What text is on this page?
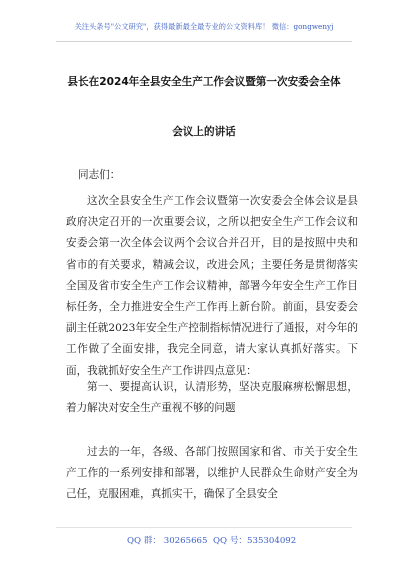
关注头条号"公文研究"，获得最新最全最专业的公文资料库！ 微信：gongwenyj
县长在2024年全县安全生产工作会议暨第一次安委会全体
会议上的讲话
同志们：
这次全县安全生产工作会议暨第一次安委会全体会议是县政府决定召开的一次重要会议，之所以把安全生产工作会议和安委会第一次全体会议两个会议合并召开，目的是按照中央和省市的有关要求，精减会议，改进会风；主要任务是贯彻落实全国及省市安全生产工作会议精神，部署今年安全生产工作目标任务，全力推进安全生产工作再上新台阶。前面，县安委会副主任就2023年安全生产控制指标情况进行了通报，对今年的工作做了全面安排，我完全同意，请大家认真抓好落实。下面，我就抓好安全生产工作讲四点意见：
第一、要提高认识，认清形势，坚决克服麻痹松懈思想，着力解决对安全生产重视不够的问题
过去的一年，各级、各部门按照国家和省、市关于安全生产工作的一系列安排和部署，以维护人民群众生命财产安全为己任，克服困难，真抓实干，确保了全县安全
QQ 群： 30265665 QQ 号：535304092
